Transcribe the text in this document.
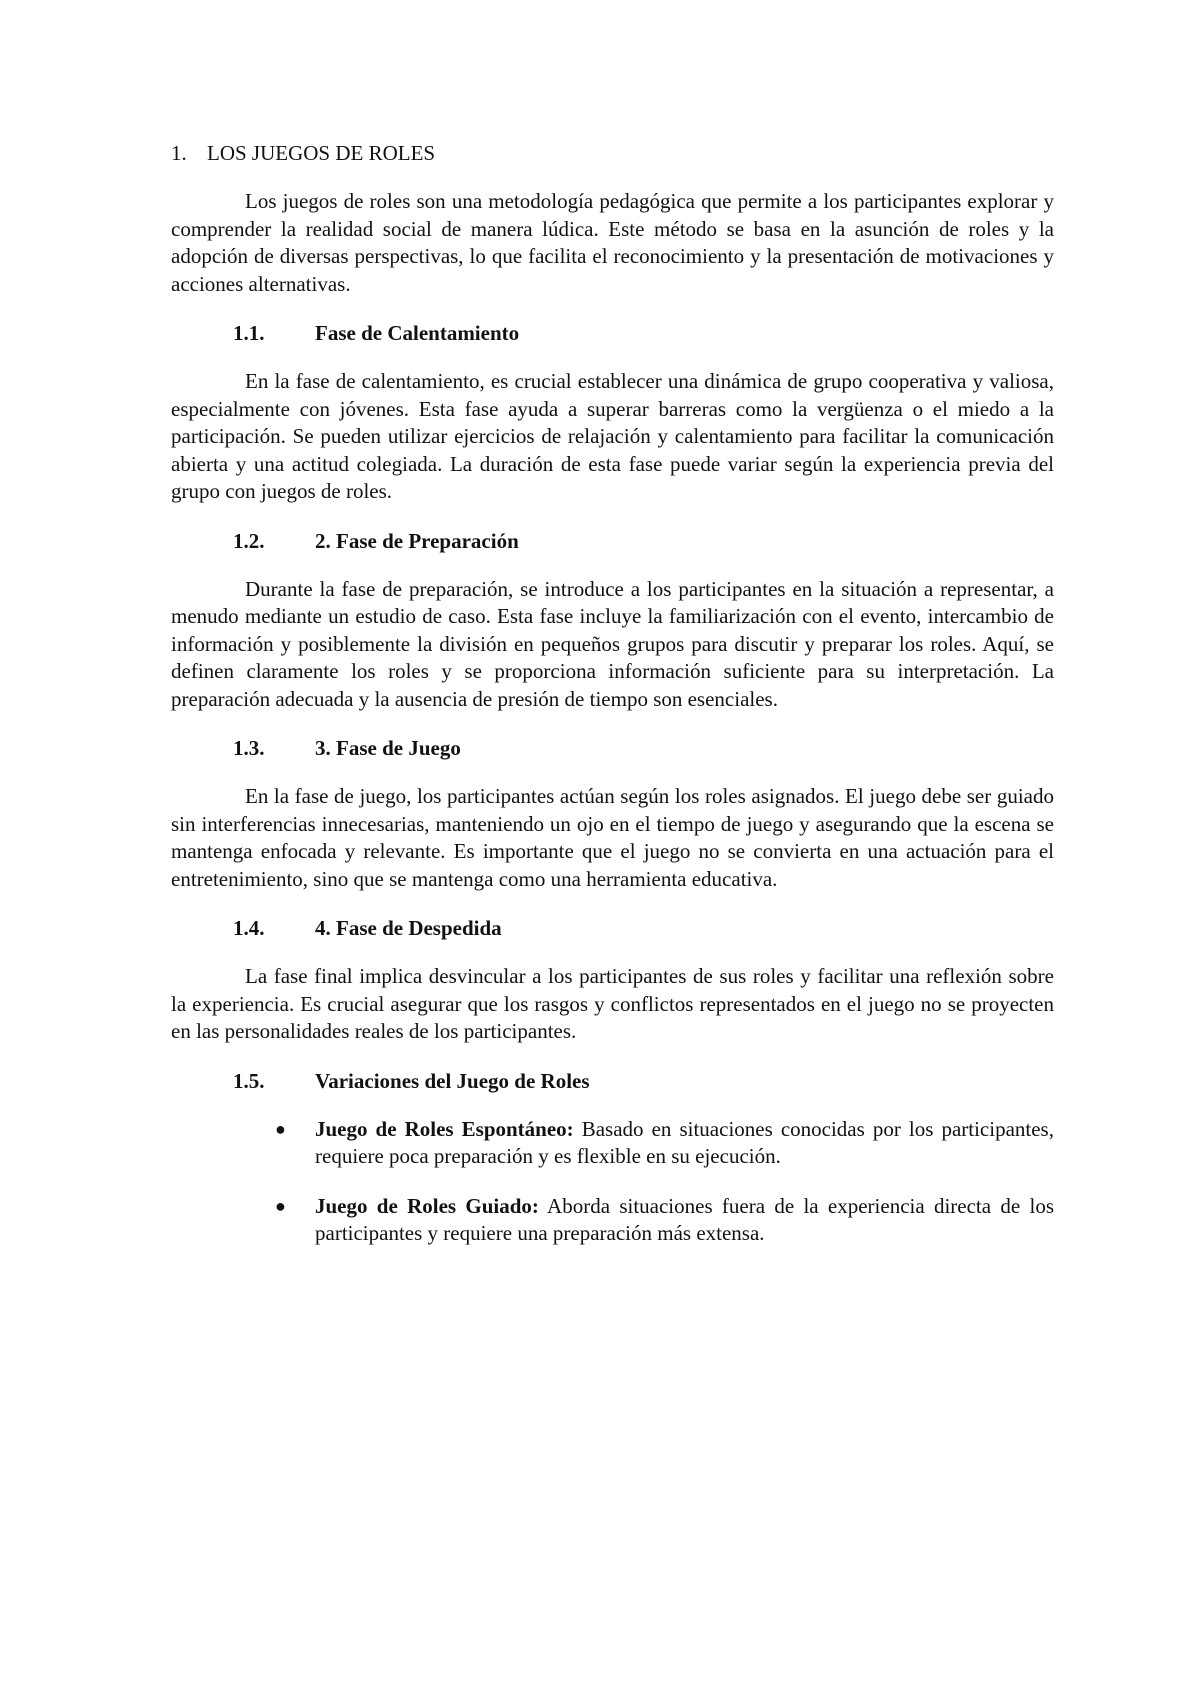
1. LOS JUEGOS DE ROLES

Los juegos de roles son una metodología pedagógica que permite a los participantes explorar y comprender la realidad social de manera lúdica. Este método se basa en la asunción de roles y la adopción de diversas perspectivas, lo que facilita el reconocimiento y la presentación de motivaciones y acciones alternativas.

1.1.	Fase de Calentamiento

En la fase de calentamiento, es crucial establecer una dinámica de grupo cooperativa y valiosa, especialmente con jóvenes. Esta fase ayuda a superar barreras como la vergüenza o el miedo a la participación. Se pueden utilizar ejercicios de relajación y calentamiento para facilitar la comunicación abierta y una actitud colegiada. La duración de esta fase puede variar según la experiencia previa del grupo con juegos de roles.

1.2.	2. Fase de Preparación

Durante la fase de preparación, se introduce a los participantes en la situación a representar, a menudo mediante un estudio de caso. Esta fase incluye la familiarización con el evento, intercambio de información y posiblemente la división en pequeños grupos para discutir y preparar los roles. Aquí, se definen claramente los roles y se proporciona información suficiente para su interpretación. La preparación adecuada y la ausencia de presión de tiempo son esenciales.

1.3.	3. Fase de Juego

En la fase de juego, los participantes actúan según los roles asignados. El juego debe ser guiado sin interferencias innecesarias, manteniendo un ojo en el tiempo de juego y asegurando que la escena se mantenga enfocada y relevante. Es importante que el juego no se convierta en una actuación para el entretenimiento, sino que se mantenga como una herramienta educativa.

1.4.	4. Fase de Despedida

La fase final implica desvincular a los participantes de sus roles y facilitar una reflexión sobre la experiencia. Es crucial asegurar que los rasgos y conflictos representados en el juego no se proyecten en las personalidades reales de los participantes.

1.5.	Variaciones del Juego de Roles
● Juego de Roles Espontáneo: Basado en situaciones conocidas por los participantes, requiere poca preparación y es flexible en su ejecución.
● Juego de Roles Guiado: Aborda situaciones fuera de la experiencia directa de los participantes y requiere una preparación más extensa.
